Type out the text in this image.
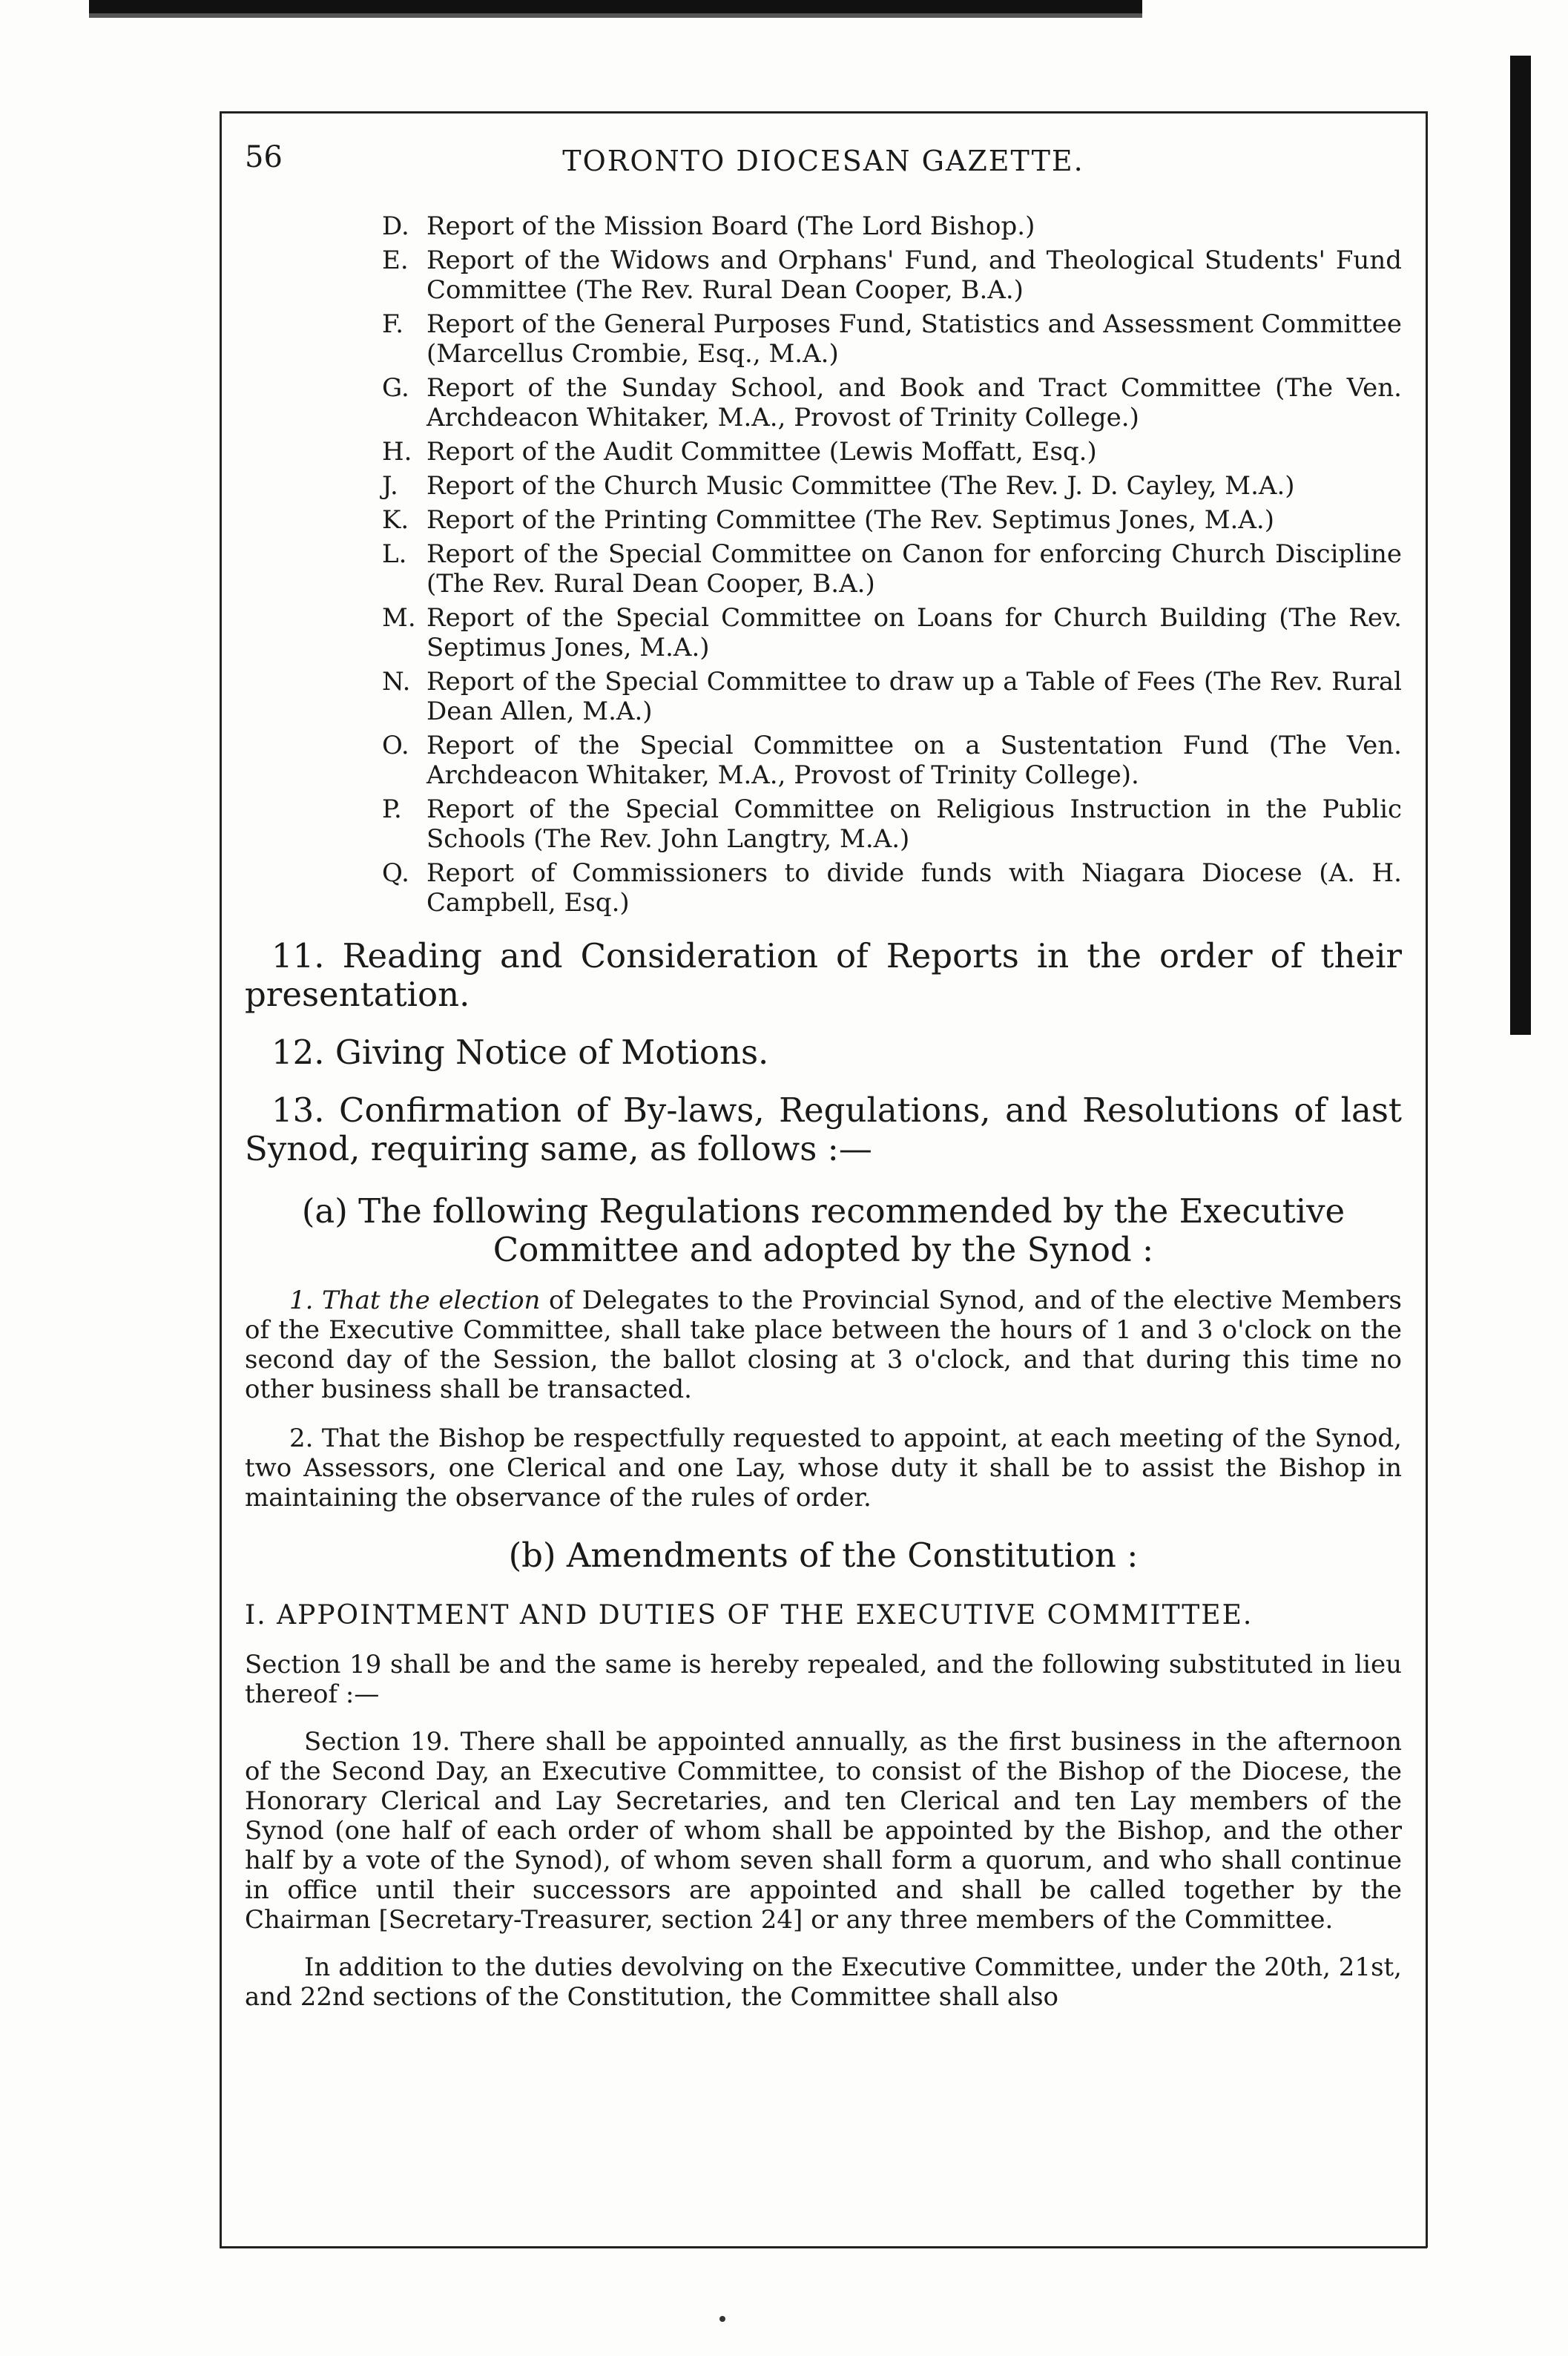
56	TORONTO DIOCESAN GAZETTE.
D. Report of the Mission Board (The Lord Bishop.)
E. Report of the Widows and Orphans' Fund, and Theological Students' Fund Committee (The Rev. Rural Dean Cooper, B.A.)
F. Report of the General Purposes Fund, Statistics and Assessment Committee (Marcellus Crombie, Esq., M.A.)
G. Report of the Sunday School, and Book and Tract Committee (The Ven. Archdeacon Whitaker, M.A., Provost of Trinity College.)
H. Report of the Audit Committee (Lewis Moffatt, Esq.)
J.	Report of the Church Music Committee (The Rev. J. D. Cayley, M.A.)
K. Report of the Printing Committee (The Rev. Septimus Jones, M.A.)
L. Report of the Special Committee on Canon for enforcing Church Discipline (The Rev. Rural Dean Cooper, B.A.)
M. Report of the Special Committee on Loans for Church Building (The Rev. Septimus Jones, M.A.)
N. Report of the Special Committee to draw up a Table of Fees (The Rev. Rural Dean Allen, M.A.)
O. Report of the Special Committee on a Sustentation Fund (The Ven. Archdeacon Whitaker, M.A., Provost of Trinity College).
P. Report of the Special Committee on Religious Instruction in the Public Schools (The Rev. John Langtry, M.A.)
Q. Report of Commissioners to divide funds with Niagara Diocese (A. H. Campbell, Esq.)
11. Reading and Consideration of Reports in the order of their presentation.
12. Giving Notice of Motions.
13. Confirmation of By-laws, Regulations, and Resolutions of last Synod, requiring same, as follows :—
(a) The following Regulations recommended by the Executive Committee and adopted by the Synod :
1. That the election of Delegates to the Provincial Synod, and of the elective Members of the Executive Committee, shall take place between the hours of 1 and 3 o'clock on the second day of the Session, the ballot closing at 3 o'clock, and that during this time no other business shall be transacted.
2. That the Bishop be respectfully requested to appoint, at each meeting of the Synod, two Assessors, one Clerical and one Lay, whose duty it shall be to assist the Bishop in maintaining the observance of the rules of order.
(b) Amendments of the Constitution :
I. APPOINTMENT AND DUTIES OF THE EXECUTIVE COMMITTEE.
Section 19 shall be and the same is hereby repealed, and the following substituted in lieu thereof :—
Section 19. There shall be appointed annually, as the first business in the afternoon of the Second Day, an Executive Committee, to consist of the Bishop of the Diocese, the Honorary Clerical and Lay Secretaries, and ten Clerical and ten Lay members of the Synod (one half of each order of whom shall be appointed by the Bishop, and the other half by a vote of the Synod), of whom seven shall form a quorum, and who shall continue in office until their successors are appointed and shall be called together by the Chairman [Secretary-Treasurer, section 24] or any three members of the Committee.
In addition to the duties devolving on the Executive Committee, under the 20th, 21st, and 22nd sections of the Constitution, the Committee shall also
